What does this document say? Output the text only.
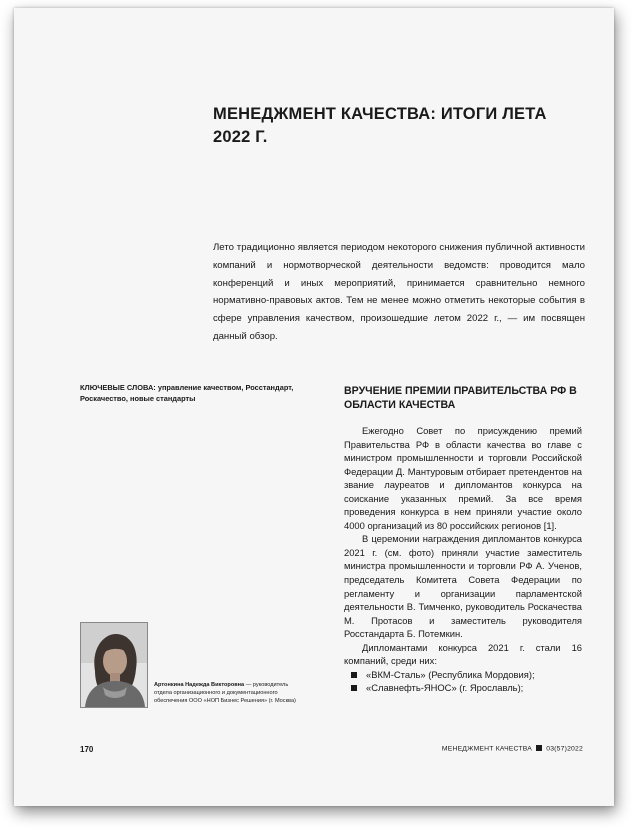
МЕНЕДЖМЕНТ КАЧЕСТВА: ИТОГИ ЛЕТА 2022 Г.
Лето традиционно является периодом некоторого снижения публичной активности компаний и нормотворческой деятельности ведомств: проводится мало конференций и иных мероприятий, принимается сравнительно немного нормативно-правовых актов. Тем не менее можно отметить некоторые события в сфере управления качеством, произошедшие летом 2022 г., — им посвящен данный обзор.
КЛЮЧЕВЫЕ СЛОВА: управление качеством, Росстандарт, Роскачество, новые стандарты
ВРУЧЕНИЕ ПРЕМИИ ПРАВИТЕЛЬСТВА РФ В ОБЛАСТИ КАЧЕСТВА

Ежегодно Совет по присуждению премий Правительства РФ в области качества во главе с министром промышленности и торговли Российской Федерации Д. Мантуровым отбирает претендентов на звание лауреатов и дипломантов конкурса на соискание указанных премий. За все время проведения конкурса в нем приняли участие около 4000 организаций из 80 российских регионов [1].

В церемонии награждения дипломантов конкурса 2021 г. (см. фото) приняли участие заместитель министра промышленности и торговли РФ А. Ученов, председатель Комитета Совета Федерации по регламенту и организации парламентской деятельности В. Тимченко, руководитель Роскачества М. Протасов и заместитель руководителя Росстандарта Б. Потемкин.

Дипломантами конкурса 2021 г. стали 16 компаний, среди них:

«ВКМ-Сталь» (Республика Мордовия);
«Славнефть-ЯНОС» (г. Ярославль);
Артонкина Надежда Викторовна — руководитель отдела организационного и документационного обеспечения ООО «НОП Бизнес Решения» (г. Москва)
170	МЕНЕДЖМЕНТ КАЧЕСТВА 03(57)2022
